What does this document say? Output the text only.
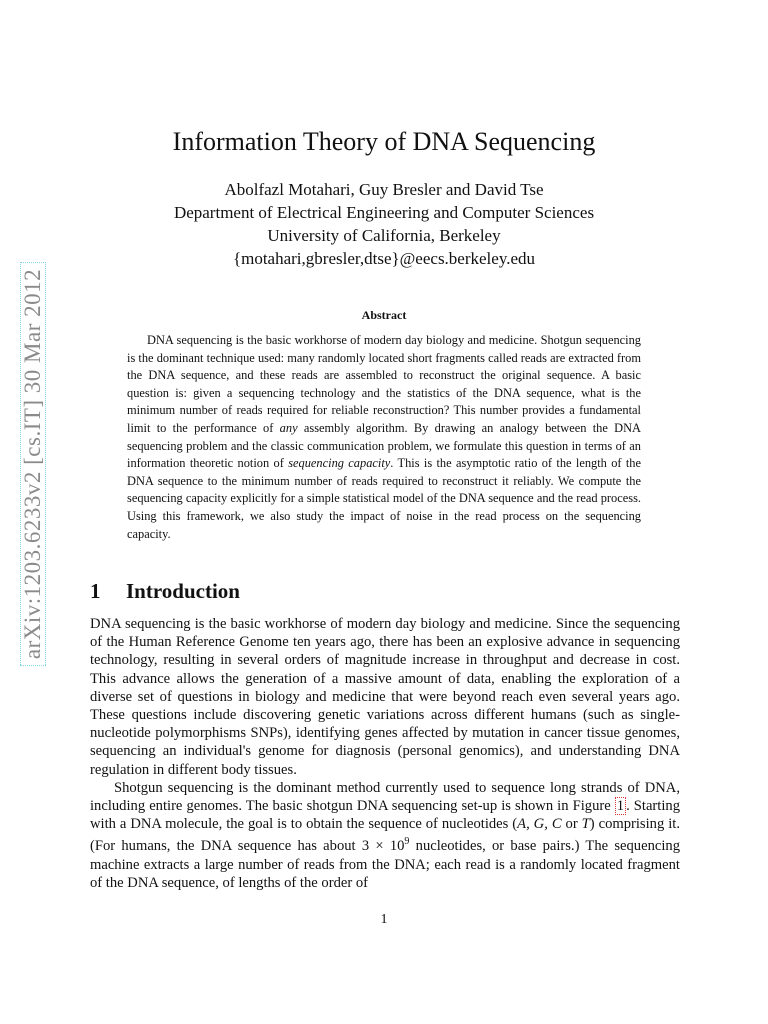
arXiv:1203.6233v2 [cs.IT] 30 Mar 2012
Information Theory of DNA Sequencing
Abolfazl Motahari, Guy Bresler and David Tse
Department of Electrical Engineering and Computer Sciences
University of California, Berkeley
{motahari,gbresler,dtse}@eecs.berkeley.edu
Abstract
DNA sequencing is the basic workhorse of modern day biology and medicine. Shotgun sequencing is the dominant technique used: many randomly located short fragments called reads are extracted from the DNA sequence, and these reads are assembled to reconstruct the original sequence. A basic question is: given a sequencing technology and the statistics of the DNA sequence, what is the minimum number of reads required for reliable reconstruction? This number provides a fundamental limit to the performance of any assembly algorithm. By drawing an analogy between the DNA sequencing problem and the classic communication problem, we formulate this question in terms of an information theoretic notion of sequencing capacity. This is the asymptotic ratio of the length of the DNA sequence to the minimum number of reads required to reconstruct it reliably. We compute the sequencing capacity explicitly for a simple statistical model of the DNA sequence and the read process. Using this framework, we also study the impact of noise in the read process on the sequencing capacity.
1 Introduction

DNA sequencing is the basic workhorse of modern day biology and medicine. Since the sequencing of the Human Reference Genome ten years ago, there has been an explosive advance in sequencing technology, resulting in several orders of magnitude increase in throughput and decrease in cost. This advance allows the generation of a massive amount of data, enabling the exploration of a diverse set of questions in biology and medicine that were beyond reach even several years ago. These questions include discovering genetic variations across different humans (such as single-nucleotide polymorphisms SNPs), identifying genes affected by mutation in cancer tissue genomes, sequencing an individual's genome for diagnosis (personal genomics), and understanding DNA regulation in different body tissues.

Shotgun sequencing is the dominant method currently used to sequence long strands of DNA, including entire genomes. The basic shotgun DNA sequencing set-up is shown in Figure 1 . Starting with a DNA molecule, the goal is to obtain the sequence of nucleotides (A, G, C or T) comprising it. (For humans, the DNA sequence has about $3 \times 10^9$ nucleotides, or base pairs.) The sequencing machine extracts a large number of reads from the DNA; each read is a randomly located fragment of the DNA sequence, of lengths of the order of

1
